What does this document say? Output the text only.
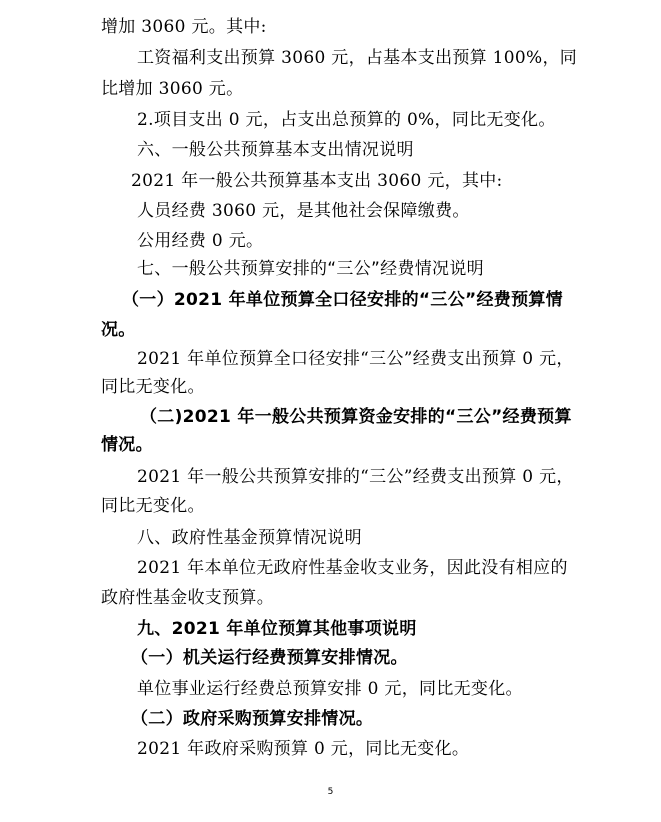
增加 3060 元。其中:
工资福利支出预算 3060 元，占基本支出预算 100%，同
比增加 3060 元。
2.项目支出 0 元，占支出总预算的 0%，同比无变化。
六、一般公共预算基本支出情况说明
2021 年一般公共预算基本支出 3060 元，其中:
人员经费 3060 元，是其他社会保障缴费。
公用经费 0 元。
七、一般公共预算安排的“三公”经费情况说明
（一）2021 年单位预算全口径安排的“三公”经费预算情
况。
2021 年单位预算全口径安排“三公”经费支出预算 0 元，
同比无变化。
（二)2021 年一般公共预算资金安排的“三公”经费预算
情况。
2021 年一般公共预算安排的“三公”经费支出预算 0 元，
同比无变化。
八、政府性基金预算情况说明
2021 年本单位无政府性基金收支业务，因此没有相应的
政府性基金收支预算。
九、2021 年单位预算其他事项说明
（一）机关运行经费预算安排情况。
单位事业运行经费总预算安排 0 元，同比无变化。
（二）政府采购预算安排情况。
2021 年政府采购预算 0 元，同比无变化。
5
